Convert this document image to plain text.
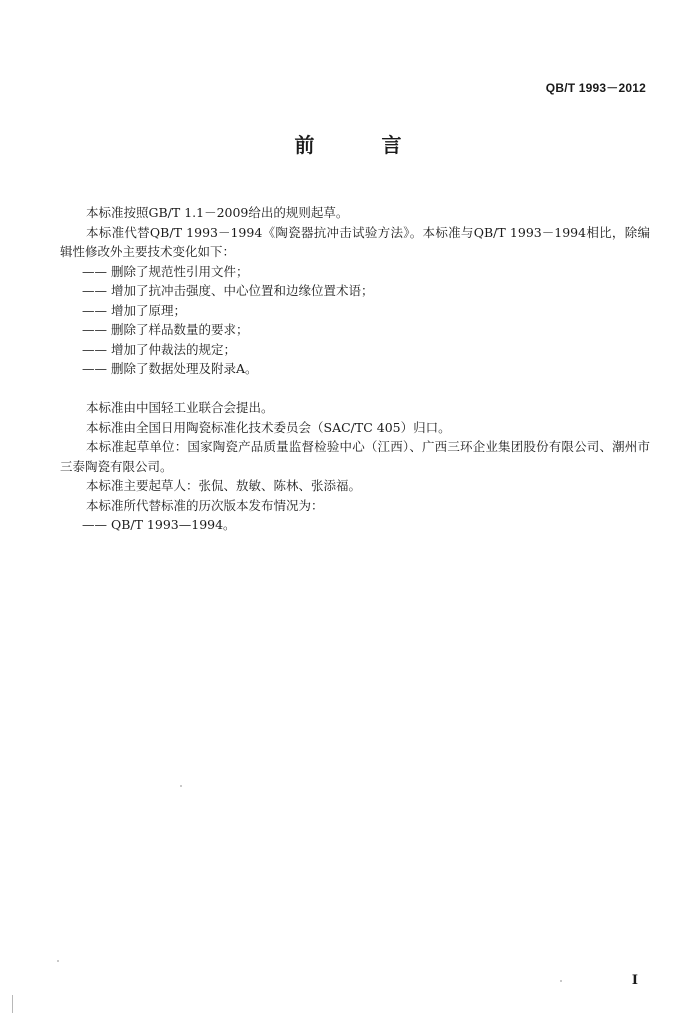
QB/T 1993－2012
前 言

本标准按照GB/T 1.1－2009给出的规则起草。

本标准代替QB/T 1993－1994《陶瓷器抗冲击试验方法》。本标准与QB/T 1993－1994相比，除编辑性修改外主要技术变化如下：

—— 删除了规范性引用文件；

—— 增加了抗冲击强度、中心位置和边缘位置术语；

—— 增加了原理；

—— 删除了样品数量的要求；

—— 增加了仲裁法的规定；

—— 删除了数据处理及附录A。

本标准由中国轻工业联合会提出。

本标准由全国日用陶瓷标准化技术委员会（SAC/TC 405）归口。

本标准起草单位：国家陶瓷产品质量监督检验中心（江西）、广西三环企业集团股份有限公司、潮州市三泰陶瓷有限公司。

本标准主要起草人：张侃、敖敏、陈林、张添福。

本标准所代替标准的历次版本发布情况为：

—— QB/T 1993—1994。

I
